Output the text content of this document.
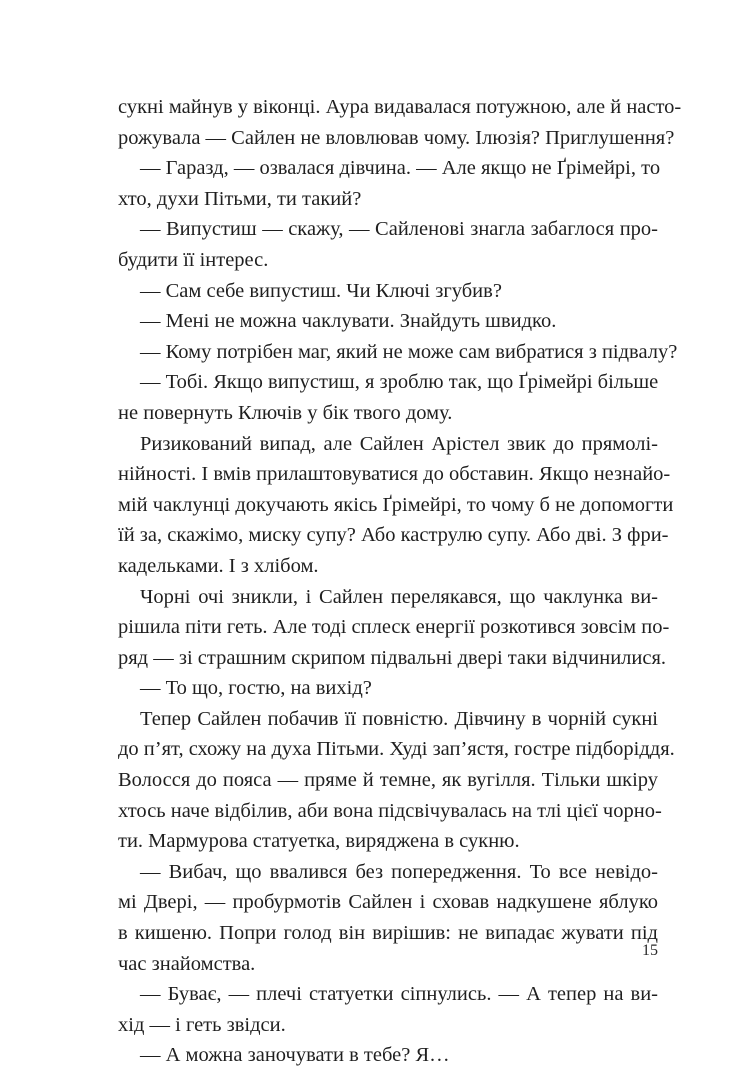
сукні майнув у віконці. Аура видавалася потужною, але й насто-
рожувала — Сайлен не вловлював чому. Ілюзія? Приглушення?
— Гаразд, — озвалася дівчина. — Але якщо не Ґрімейрі, то
хто, духи Пітьми, ти такий?
— Випустиш — скажу, — Сайленові знагла забаглося про-
будити її інтерес.
— Сам себе випустиш. Чи Ключі згубив?
— Мені не можна чаклувати. Знайдуть швидко.
— Кому потрібен маг, який не може сам вибратися з підвалу?
— Тобі. Якщо випустиш, я зроблю так, що Ґрімейрі більше
не повернуть Ключів у бік твого дому.
Ризикований випад, але Сайлен Арістел звик до прямолі-
нійності. І вмів прилаштовуватися до обставин. Якщо незнайо-
мій чаклунці докучають якісь Ґрімейрі, то чому б не допомогти
їй за, скажімо, миску супу? Або каструлю супу. Або дві. З фри-
кадельками. І з хлібом.
Чорні очі зникли, і Сайлен перелякався, що чаклунка ви-
рішила піти геть. Але тоді сплеск енергії розкотився зовсім по-
ряд — зі страшним скрипом підвальні двері таки відчинилися.
— То що, гостю, на вихід?
Тепер Сайлен побачив її повністю. Дівчину в чорній сукні
до п’ят, схожу на духа Пітьми. Худі зап’ястя, гостре підборіддя.
Волосся до пояса — пряме й темне, як вугілля. Тільки шкіру
хтось наче відбілив, аби вона підсвічувалась на тлі цієї чорно-
ти. Мармурова статуетка, виряджена в сукню.
— Вибач, що ввалився без попередження. То все невідо-
мі Двері, — пробурмотів Сайлен і сховав надкушене яблуко
в кишеню. Попри голод він вирішив: не випадає жувати під
час знайомства.
— Буває, — плечі статуетки сіпнулись. — А тепер на ви-
хід — і геть звідси.
— А можна заночувати в тебе? Я…
15
